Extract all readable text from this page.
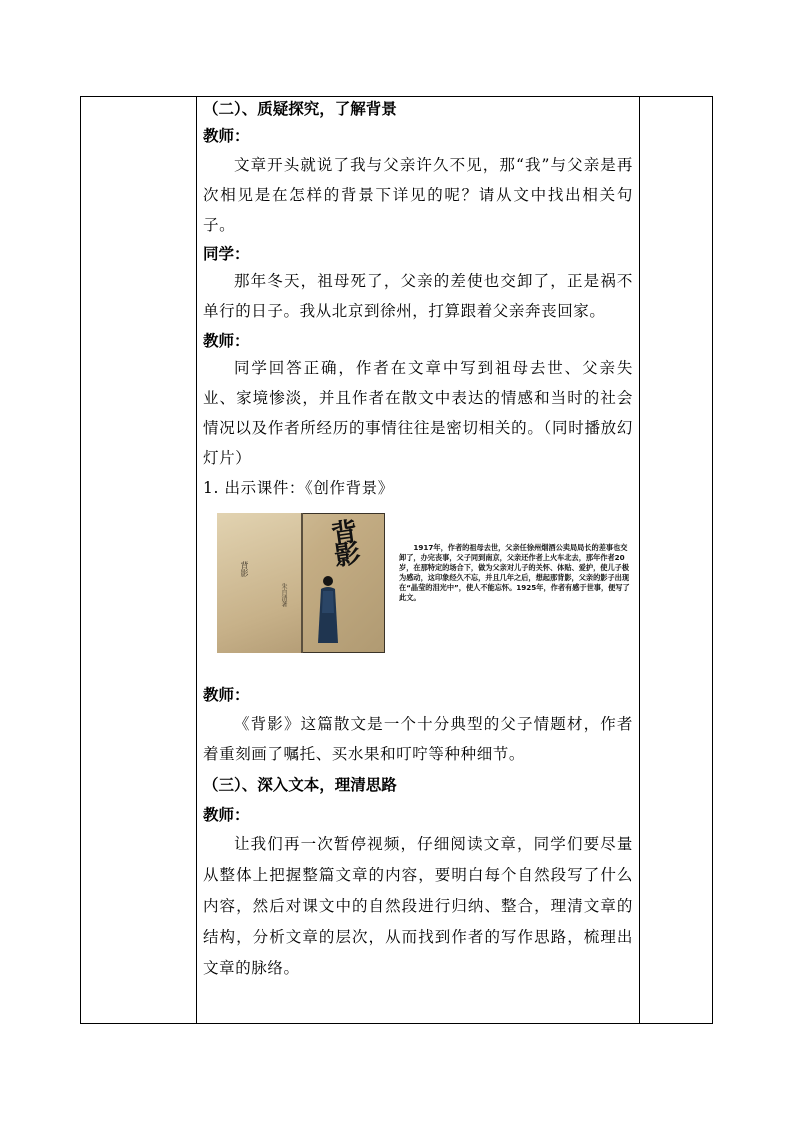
（二）、质疑探究，了解背景

教师：

文章开头就说了我与父亲许久不见，那“我”与父亲是再次相见是在怎样的背景下详见的呢？请从文中找出相关句子。

同学：

那年冬天，祖母死了，父亲的差使也交卸了，正是祸不单行的日子。我从北京到徐州，打算跟着父亲奔丧回家。

教师：

同学回答正确，作者在文章中写到祖母去世、父亲失业、家境惨淡，并且作者在散文中表达的情感和当时的社会情况以及作者所经历的事情往往是密切相关的。（同时播放幻灯片）

1. 出示课件：《创作背景》

背影
朱自清著
背影	1917年，作者的祖母去世，父亲任徐州烟酒公卖局局长的差事也交卸了，办完丧事，父子同到南京，父亲还作者上火车北去，那年作者20岁，在那特定的场合下，做为父亲对儿子的关怀、体贴、爱护，使儿子极为感动，这印象经久不忘，并且几年之后，想起那背影，父亲的影子出现在“晶莹的泪光中”，使人不能忘怀。1925年，作者有感于世事，便写了此文。

教师：

《背影》这篇散文是一个十分典型的父子情题材，作者着重刻画了嘱托、买水果和叮咛等种种细节。

（三）、深入文本，理清思路

教师：

让我们再一次暂停视频，仔细阅读文章，同学们要尽量从整体上把握整篇文章的内容，要明白每个自然段写了什么内容，然后对课文中的自然段进行归纳、整合，理清文章的结构，分析文章的层次，从而找到作者的写作思路，梳理出文章的脉络。
